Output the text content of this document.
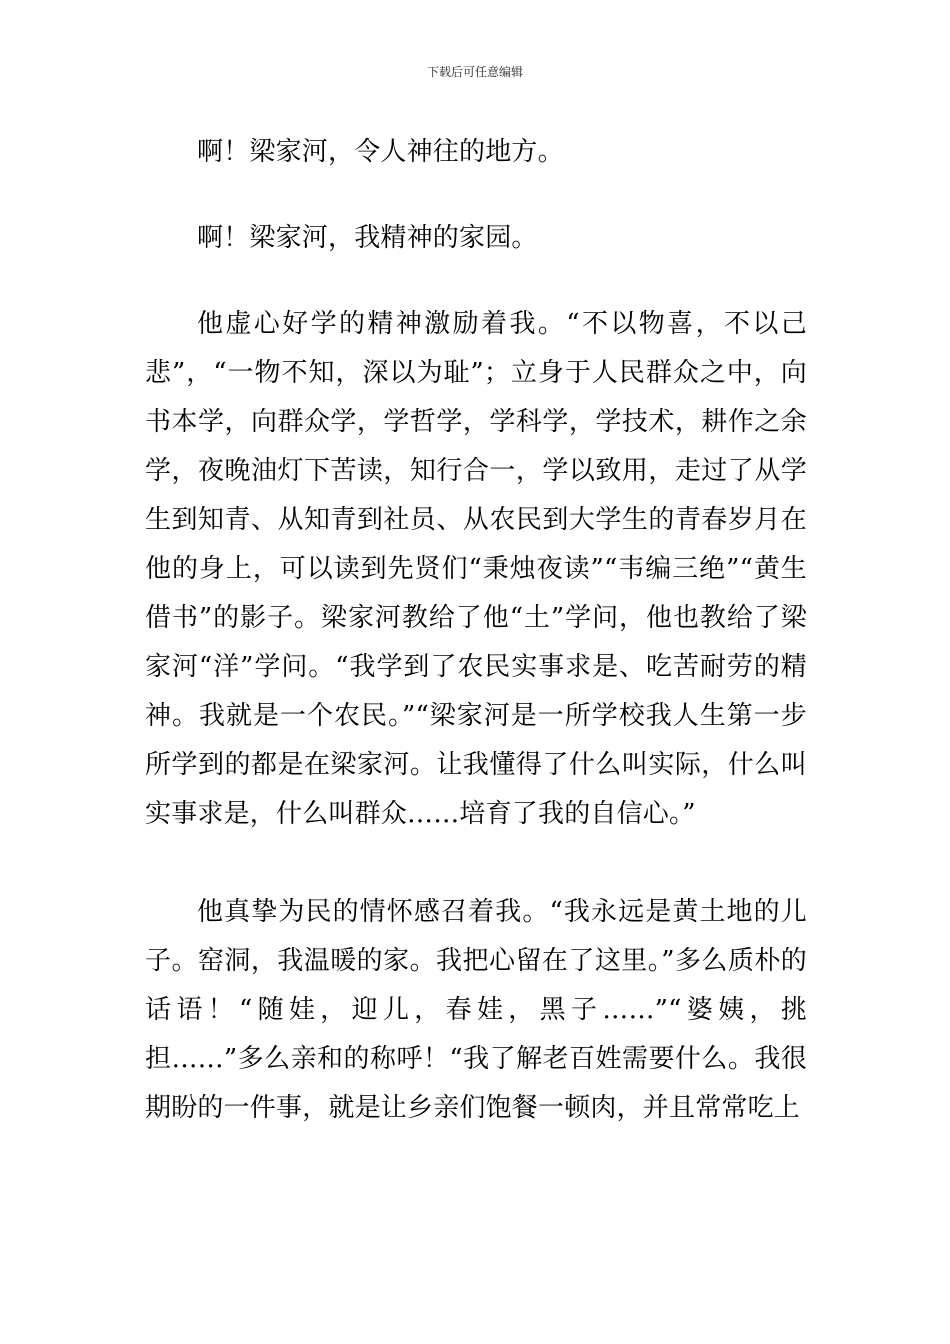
下载后可任意编辑

啊！梁家河，令人神往的地方。

啊！梁家河，我精神的家园。

他虚心好学的精神激励着我。“不以物喜，不以己悲”，“一物不知，深以为耻”；立身于人民群众之中，向书本学，向群众学，学哲学，学科学，学技术，耕作之余学，夜晚油灯下苦读，知行合一，学以致用，走过了从学生到知青、从知青到社员、从农民到大学生的青春岁月在他的身上，可以读到先贤们“秉烛夜读”“韦编三绝”“黄生借书”的影子。梁家河教给了他“土”学问，他也教给了梁家河“洋”学问。“我学到了农民实事求是、吃苦耐劳的精神。我就是一个农民。”“梁家河是一所学校我人生第一步所学到的都是在梁家河。让我懂得了什么叫实际，什么叫实事求是，什么叫群众……培育了我的自信心。”

他真挚为民的情怀感召着我。“我永远是黄土地的儿子。窑洞，我温暖的家。我把心留在了这里。”多么质朴的话语！“随娃，迎儿，春娃，黑子……”“婆姨，挑担……”多么亲和的称呼！“我了解老百姓需要什么。我很期盼的一件事，就是让乡亲们饱餐一顿肉，并且常常吃上
